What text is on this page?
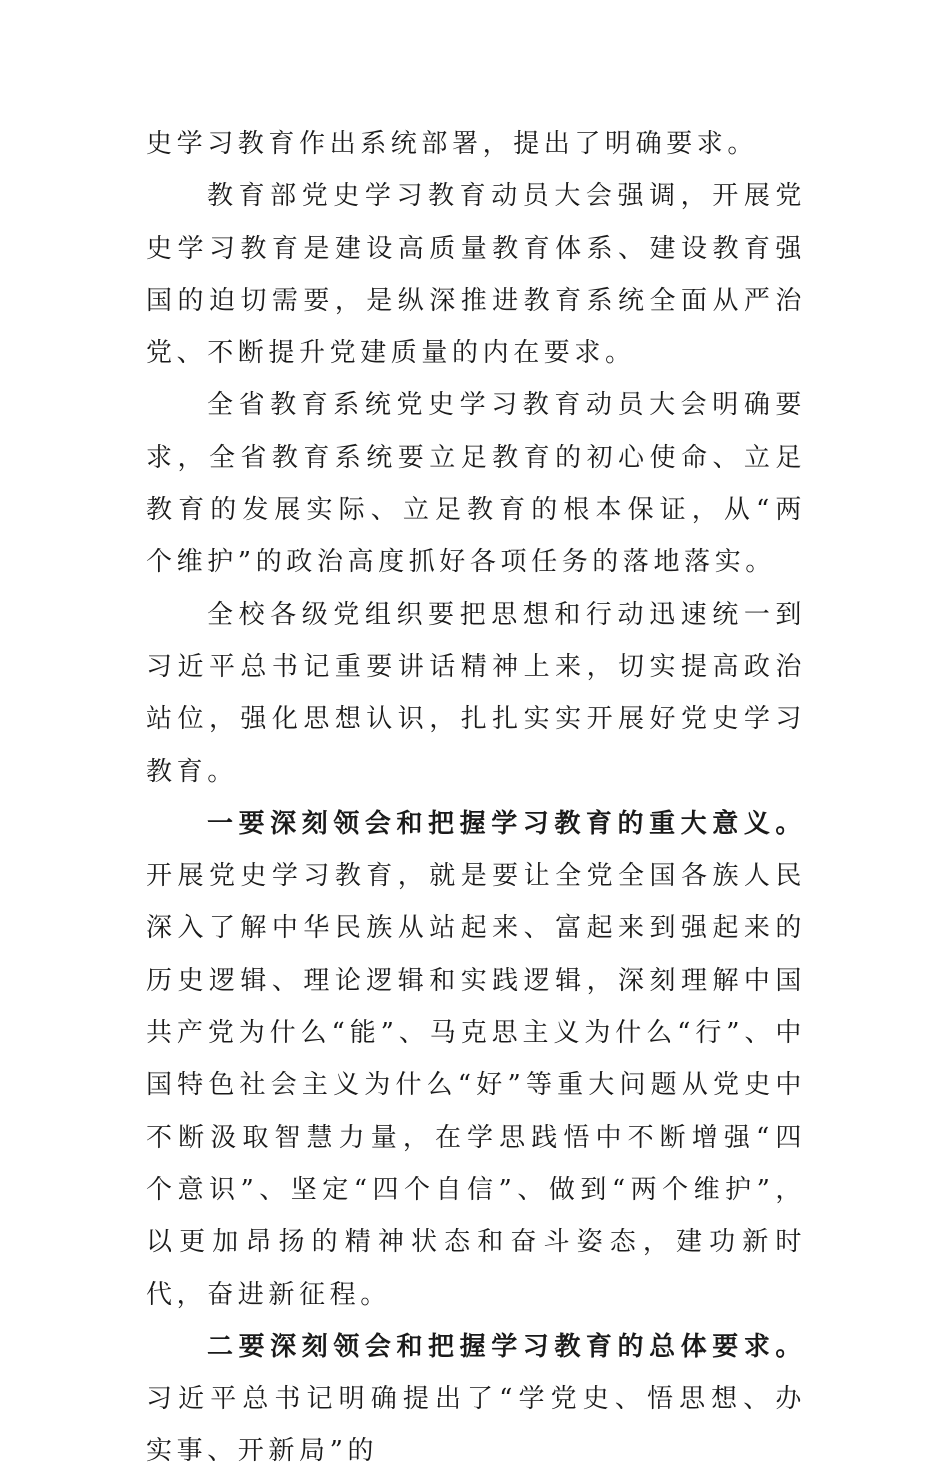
史学习教育作出系统部署，提出了明确要求。

教育部党史学习教育动员大会强调，开展党史学习教育是建设高质量教育体系、建设教育强国的迫切需要，是纵深推进教育系统全面从严治党、不断提升党建质量的内在要求。

全省教育系统党史学习教育动员大会明确要求，全省教育系统要立足教育的初心使命、立足教育的发展实际、立足教育的根本保证，从“两个维护”的政治高度抓好各项任务的落地落实。

全校各级党组织要把思想和行动迅速统一到习近平总书记重要讲话精神上来，切实提高政治站位，强化思想认识，扎扎实实开展好党史学习教育。

一要深刻领会和把握学习教育的重大意义。开展党史学习教育，就是要让全党全国各族人民深入了解中华民族从站起来、富起来到强起来的历史逻辑、理论逻辑和实践逻辑，深刻理解中国共产党为什么“能”、马克思主义为什么“行”、中国特色社会主义为什么“好”等重大问题从党史中不断汲取智慧力量，在学思践悟中不断增强“四个意识”、坚定“四个自信”、做到“两个维护”，以更加昂扬的精神状态和奋斗姿态，建功新时代，奋进新征程。

二要深刻领会和把握学习教育的总体要求。习近平总书记明确提出了“学党史、悟思想、办实事、开新局”的
